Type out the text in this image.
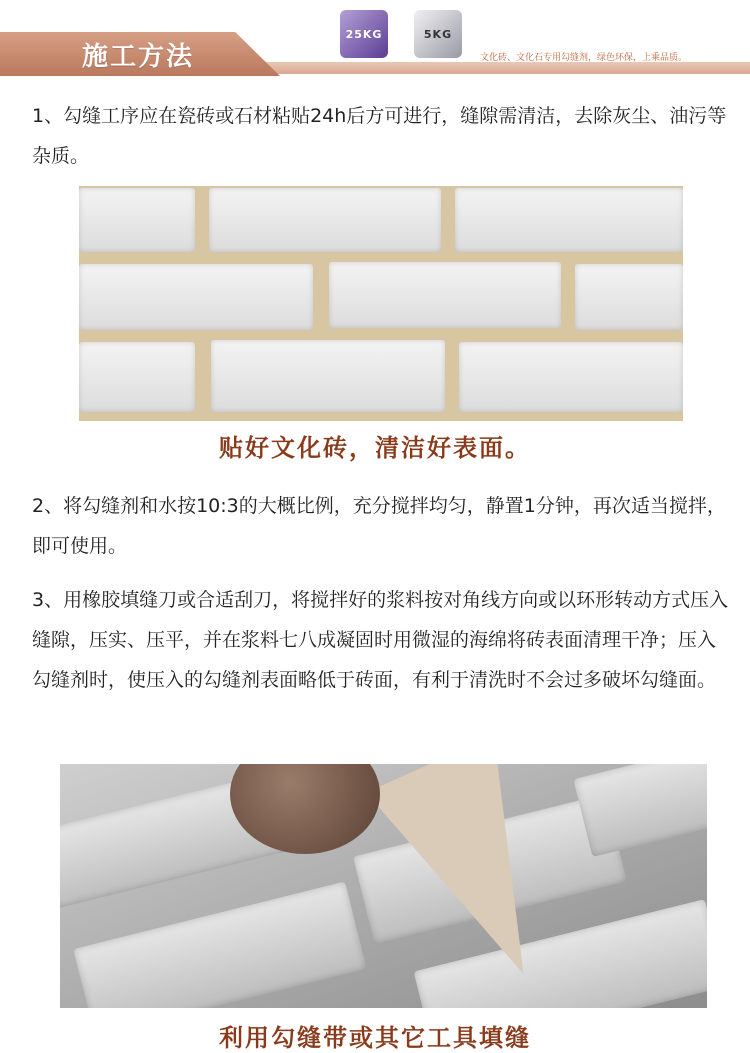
施工方法
25KG	5KG
文化砖、文化石专用勾缝剂，绿色环保，上乘品质。
1、勾缝工序应在瓷砖或石材粘贴24h后方可进行，缝隙需清洁，去除灰尘、油污等杂质。
贴好文化砖，清洁好表面。
2、将勾缝剂和水按10:3的大概比例，充分搅拌均匀，静置1分钟，再次适当搅拌，即可使用。
3、用橡胶填缝刀或合适刮刀，将搅拌好的浆料按对角线方向或以环形转动方式压入缝隙，压实、压平，并在浆料七八成凝固时用微湿的海绵将砖表面清理干净；压入勾缝剂时，使压入的勾缝剂表面略低于砖面，有利于清洗时不会过多破坏勾缝面。
利用勾缝带或其它工具填缝
